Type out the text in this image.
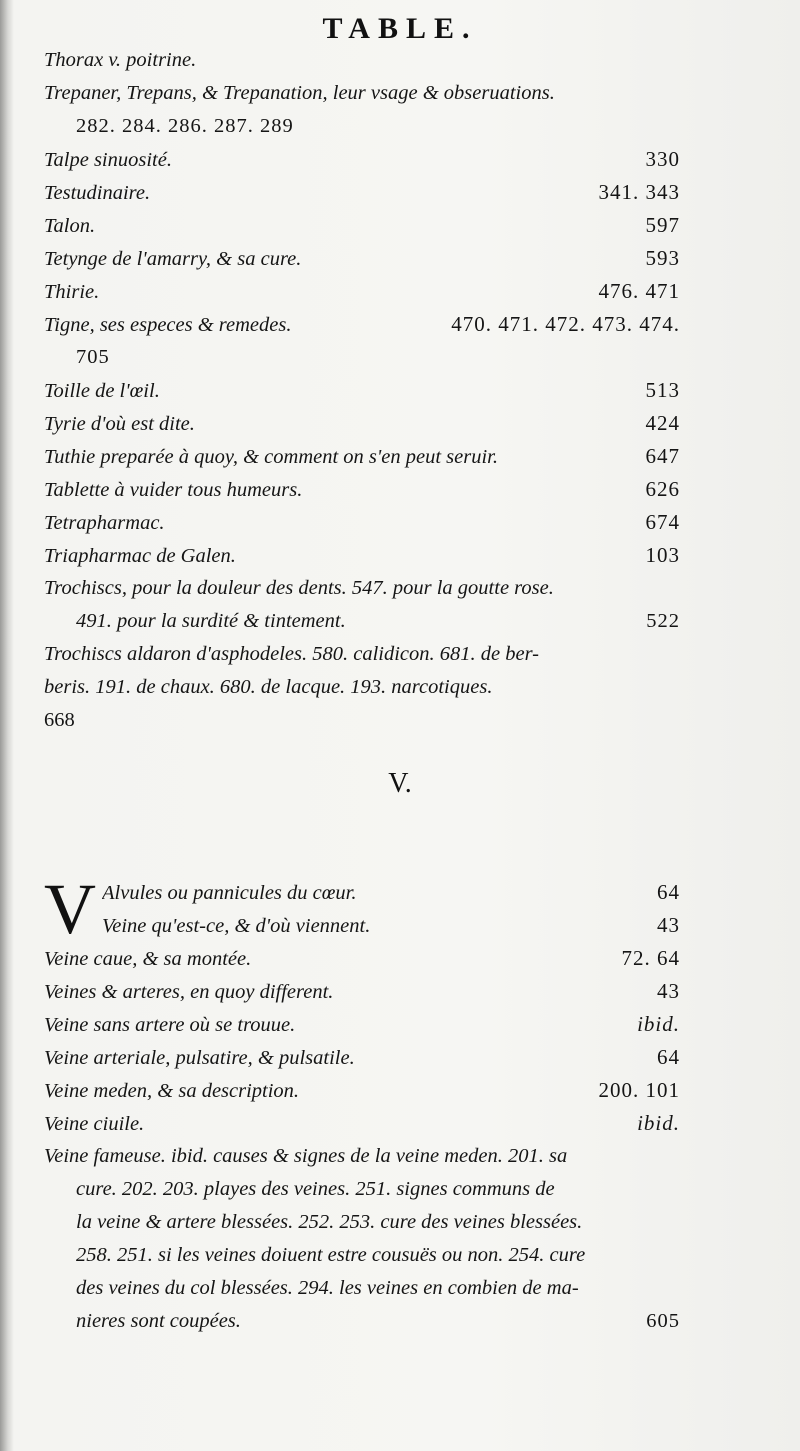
TABLE.
Thorax v. poitrine.
Trepaner, Trepans, & Trepanation, leur vsage & obseruations.
282. 284. 286. 287. 289
Talpe sinuosité.	330
Testudinaire.	341. 343
Talon.	597
Tetynge de l'amarry, & sa cure.	593
Thirie.	476. 471
Tigne, ses especes & remedes.	470. 471. 472. 473. 474.
705
Toille de l'œil.	513
Tyrie d'où est dite.	424
Tuthie preparée à quoy, & comment on s'en peut seruir.	647
Tablette à vuider tous humeurs.	626
Tetrapharmac.	674
Triapharmac de Galen.	103
Trochiscs, pour la douleur des dents. 547. pour la goutte rose.
491. pour la surdité & tintement.	522
Trochiscs aldaron d'asphodeles. 580. calidicon. 681. de ber-
beris. 191. de chaux. 680. de lacque. 193. narcotiques.
668
V.
V Alvules ou pannicules du cœur.	64
Veine qu'est-ce, & d'où viennent.	43
Veine caue, & sa montée.	72. 64
Veines & arteres, en quoy different.	43
Veine sans artere où se trouue.	ibid.
Veine arteriale, pulsatire, & pulsatile.	64
Veine meden, & sa description.	200. 101
Veine ciuile.	ibid.
Veine fameuse. ibid. causes & signes de la veine meden. 201. sa
cure. 202. 203. playes des veines. 251. signes communs de
la veine & artere blessées. 252. 253. cure des veines blessées.
258. 251. si les veines doiuent estre cousuës ou non. 254. cure
des veines du col blessées. 294. les veines en combien de ma-
nieres sont coupées.	605
